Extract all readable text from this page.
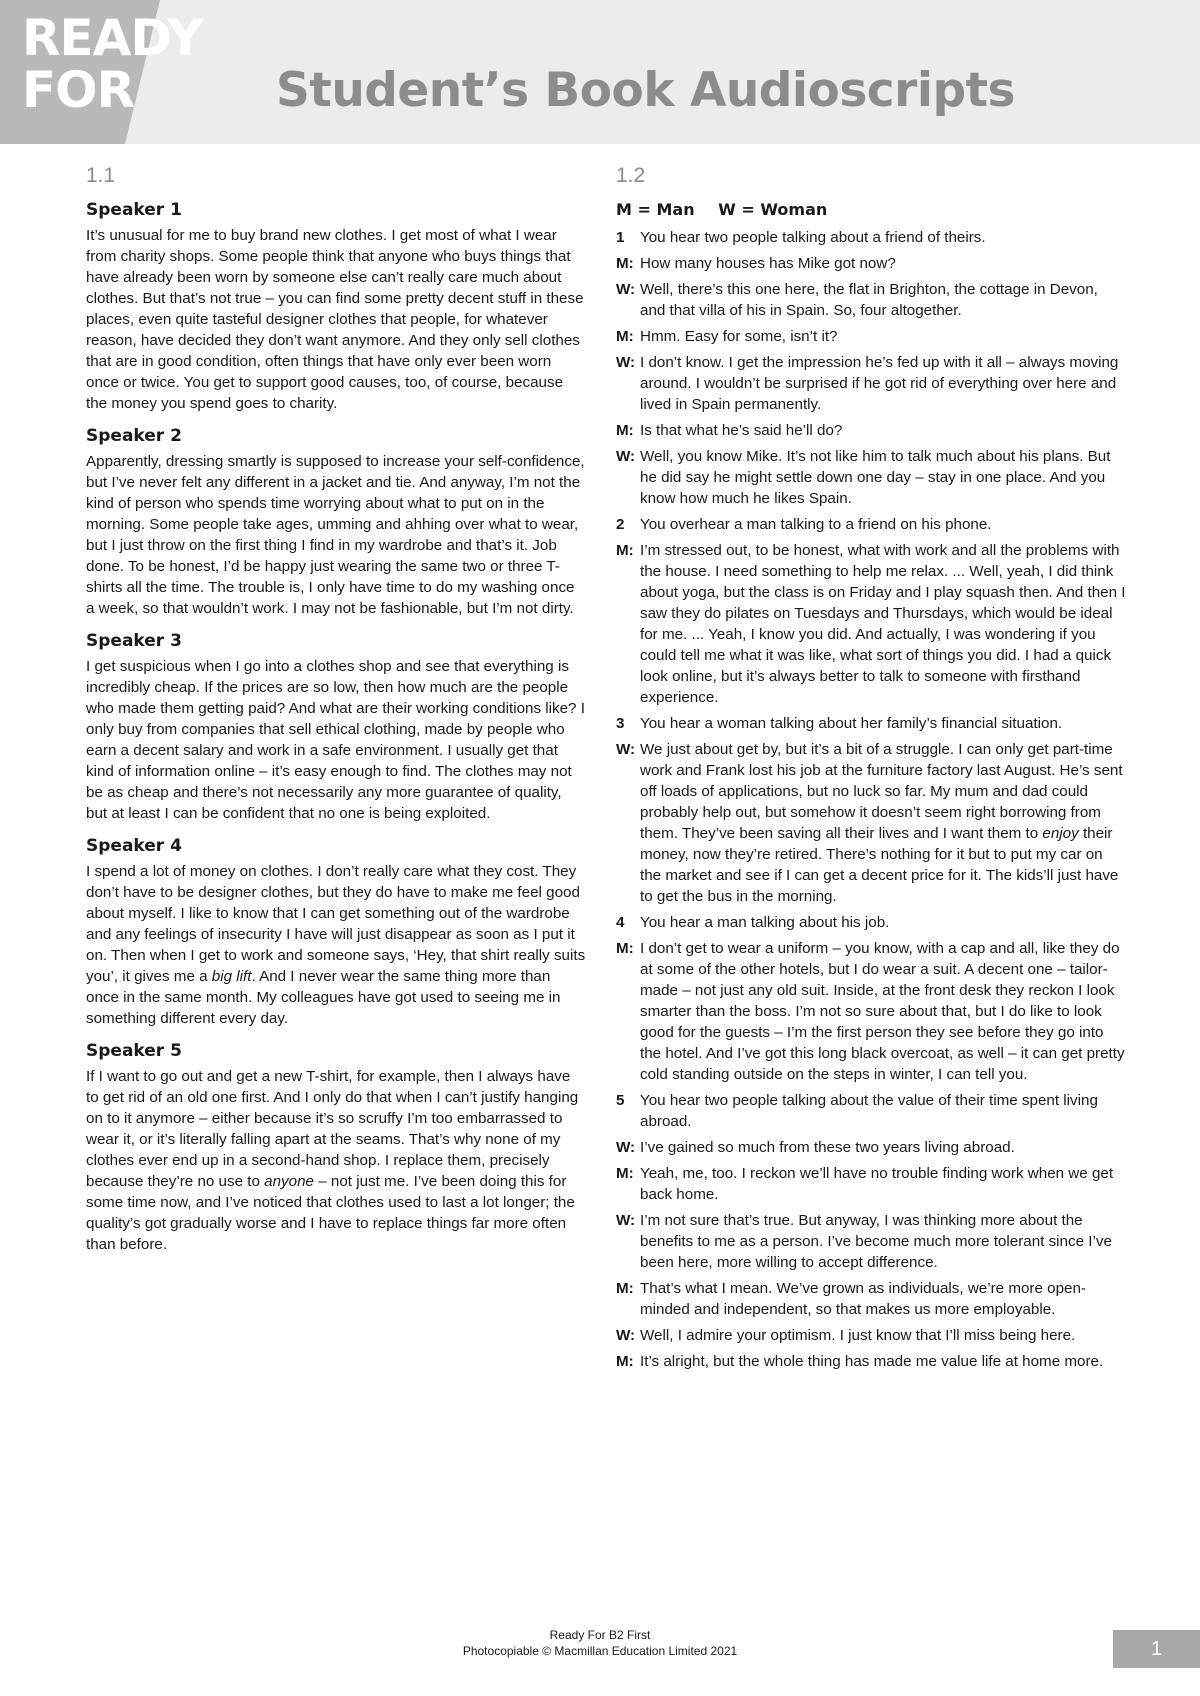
READY
FOR	Student’s Book Audioscripts
1.1
Speaker 1

It’s unusual for me to buy brand new clothes. I get most of what I wear from charity shops. Some people think that anyone who buys things that have already been worn by someone else can’t really care much about clothes. But that’s not true – you can find some pretty decent stuff in these places, even quite tasteful designer clothes that people, for whatever reason, have decided they don’t want anymore. And they only sell clothes that are in good condition, often things that have only ever been worn once or twice. You get to support good causes, too, of course, because the money you spend goes to charity.

Speaker 2

Apparently, dressing smartly is supposed to increase your self-confidence, but I’ve never felt any different in a jacket and tie. And anyway, I’m not the kind of person who spends time worrying about what to put on in the morning. Some people take ages, umming and ahhing over what to wear, but I just throw on the first thing I find in my wardrobe and that’s it. Job done. To be honest, I’d be happy just wearing the same two or three T-shirts all the time. The trouble is, I only have time to do my washing once a week, so that wouldn’t work. I may not be fashionable, but I’m not dirty.

Speaker 3

I get suspicious when I go into a clothes shop and see that everything is incredibly cheap. If the prices are so low, then how much are the people who made them getting paid? And what are their working conditions like? I only buy from companies that sell ethical clothing, made by people who earn a decent salary and work in a safe environment. I usually get that kind of information online – it’s easy enough to find. The clothes may not be as cheap and there’s not necessarily any more guarantee of quality, but at least I can be confident that no one is being exploited.

Speaker 4

I spend a lot of money on clothes. I don’t really care what they cost. They don’t have to be designer clothes, but they do have to make me feel good about myself. I like to know that I can get something out of the wardrobe and any feelings of insecurity I have will just disappear as soon as I put it on. Then when I get to work and someone says, ‘Hey, that shirt really suits you’, it gives me a big lift. And I never wear the same thing more than once in the same month. My colleagues have got used to seeing me in something different every day.

Speaker 5

If I want to go out and get a new T-shirt, for example, then I always have to get rid of an old one first. And I only do that when I can’t justify hanging on to it anymore – either because it’s so scruffy I’m too embarrassed to wear it, or it’s literally falling apart at the seams. That’s why none of my clothes ever end up in a second-hand shop. I replace them, precisely because they’re no use to anyone – not just me. I’ve been doing this for some time now, and I’ve noticed that clothes used to last a lot longer; the quality’s got gradually worse and I have to replace things far more often than before.

1.2
M = Man W = Woman
1	You hear two people talking about a friend of theirs.
M: How many houses has Mike got now?
W: Well, there’s this one here, the flat in Brighton, the cottage in Devon, and that villa of his in Spain. So, four altogether.
M: Hmm. Easy for some, isn’t it?
W: I don’t know. I get the impression he’s fed up with it all – always moving around. I wouldn’t be surprised if he got rid of everything over here and lived in Spain permanently.
M: Is that what he’s said he’ll do?
W: Well, you know Mike. It’s not like him to talk much about his plans. But he did say he might settle down one day – stay in one place. And you know how much he likes Spain.
2	You overhear a man talking to a friend on his phone.
M: I’m stressed out, to be honest, what with work and all the problems with the house. I need something to help me relax. ... Well, yeah, I did think about yoga, but the class is on Friday and I play squash then. And then I saw they do pilates on Tuesdays and Thursdays, which would be ideal for me. ... Yeah, I know you did. And actually, I was wondering if you could tell me what it was like, what sort of things you did. I had a quick look online, but it’s always better to talk to someone with firsthand experience.
3	You hear a woman talking about her family’s financial situation.
W: We just about get by, but it’s a bit of a struggle. I can only get part-time work and Frank lost his job at the furniture factory last August. He’s sent off loads of applications, but no luck so far. My mum and dad could probably help out, but somehow it doesn’t seem right borrowing from them. They’ve been saving all their lives and I want them to enjoy their money, now they’re retired. There’s nothing for it but to put my car on the market and see if I can get a decent price for it. The kids’ll just have to get the bus in the morning.
4	You hear a man talking about his job.
M: I don’t get to wear a uniform – you know, with a cap and all, like they do at some of the other hotels, but I do wear a suit. A decent one – tailor-made – not just any old suit. Inside, at the front desk they reckon I look smarter than the boss. I’m not so sure about that, but I do like to look good for the guests – I’m the first person they see before they go into the hotel. And I’ve got this long black overcoat, as well – it can get pretty cold standing outside on the steps in winter, I can tell you.
5	You hear two people talking about the value of their time spent living abroad.
W: I’ve gained so much from these two years living abroad.
M: Yeah, me, too. I reckon we’ll have no trouble finding work when we get back home.
W: I’m not sure that’s true. But anyway, I was thinking more about the benefits to me as a person. I’ve become much more tolerant since I’ve been here, more willing to accept difference.
M: That’s what I mean. We’ve grown as individuals, we’re more open-minded and independent, so that makes us more employable.
W: Well, I admire your optimism. I just know that I’ll miss being here.
M: It’s alright, but the whole thing has made me value life at home more.
Ready For B2 First
Photocopiable © Macmillan Education Limited 2021	1
